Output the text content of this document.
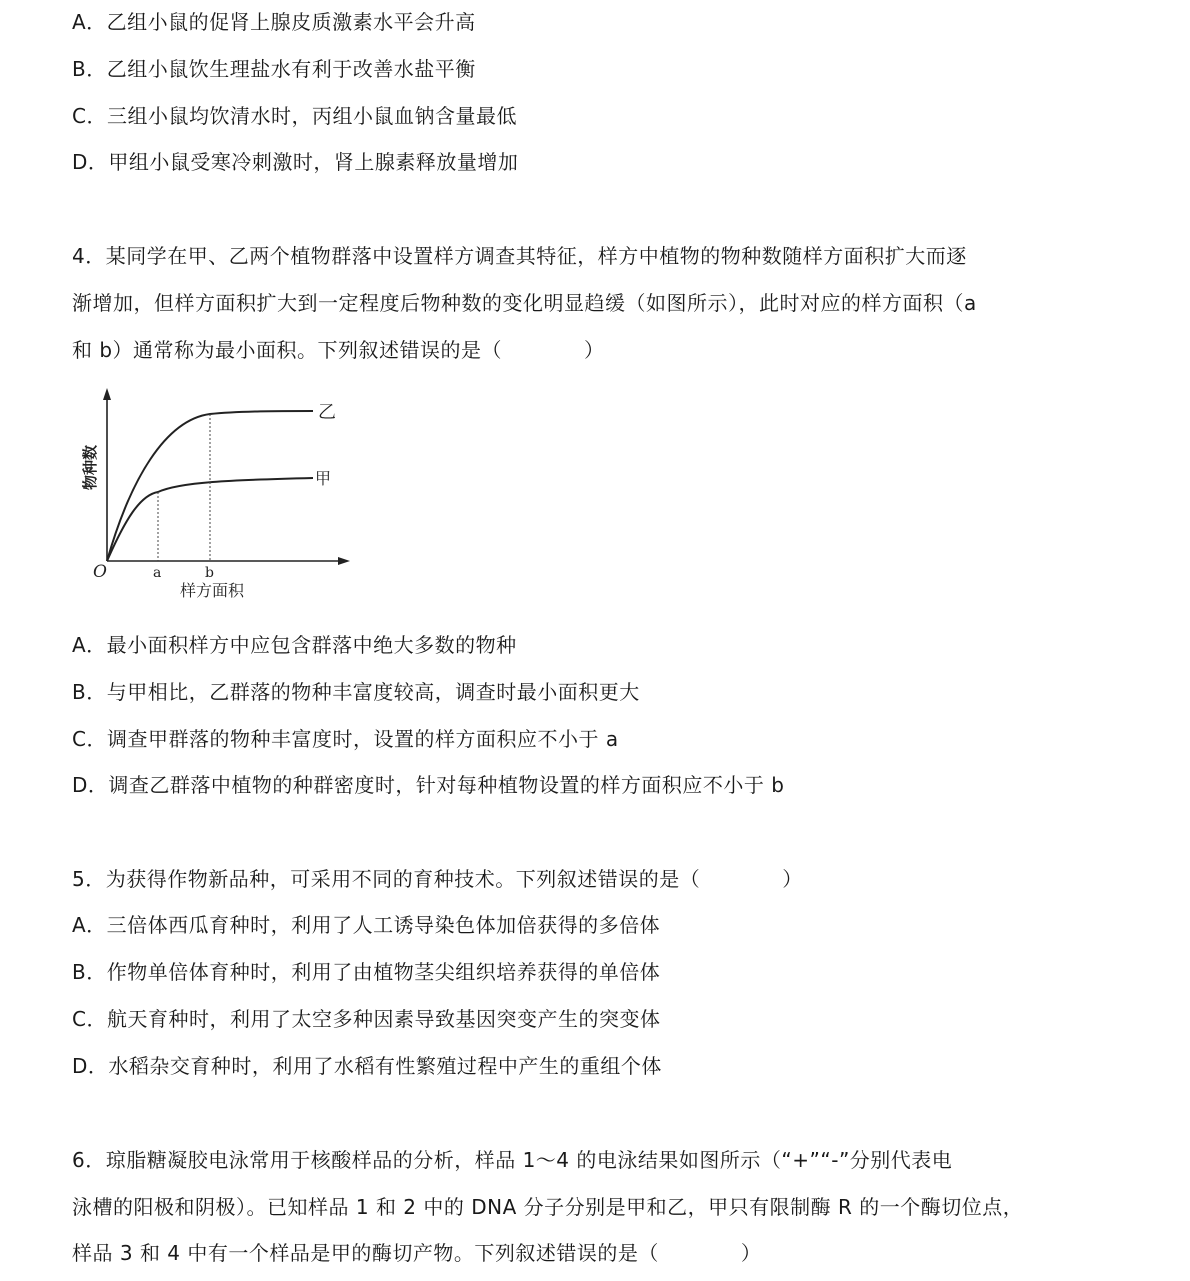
A．乙组小鼠的促肾上腺皮质激素水平会升高
B．乙组小鼠饮生理盐水有利于改善水盐平衡
C．三组小鼠均饮清水时，丙组小鼠血钠含量最低
D．甲组小鼠受寒冷刺激时，肾上腺素释放量增加
4．某同学在甲、乙两个植物群落中设置样方调查其特征，样方中植物的物种数随样方面积扩大而逐
渐增加，但样方面积扩大到一定程度后物种数的变化明显趋缓（如图所示），此时对应的样方面积（a
和 b）通常称为最小面积。下列叙述错误的是（　　　　）
乙
甲
O	a	b
样方面积
物种数
A．最小面积样方中应包含群落中绝大多数的物种
B．与甲相比，乙群落的物种丰富度较高，调查时最小面积更大
C．调查甲群落的物种丰富度时，设置的样方面积应不小于 a
D．调查乙群落中植物的种群密度时，针对每种植物设置的样方面积应不小于 b
5．为获得作物新品种，可采用不同的育种技术。下列叙述错误的是（　　　　）
A．三倍体西瓜育种时，利用了人工诱导染色体加倍获得的多倍体
B．作物单倍体育种时，利用了由植物茎尖组织培养获得的单倍体
C．航天育种时，利用了太空多种因素导致基因突变产生的突变体
D．水稻杂交育种时，利用了水稻有性繁殖过程中产生的重组个体
6．琼脂糖凝胶电泳常用于核酸样品的分析，样品 1～4 的电泳结果如图所示（“+”“-”分别代表电
泳槽的阳极和阴极）。已知样品 1 和 2 中的 DNA 分子分别是甲和乙，甲只有限制酶 R 的一个酶切位点，
样品 3 和 4 中有一个样品是甲的酶切产物。下列叙述错误的是（　　　　）
